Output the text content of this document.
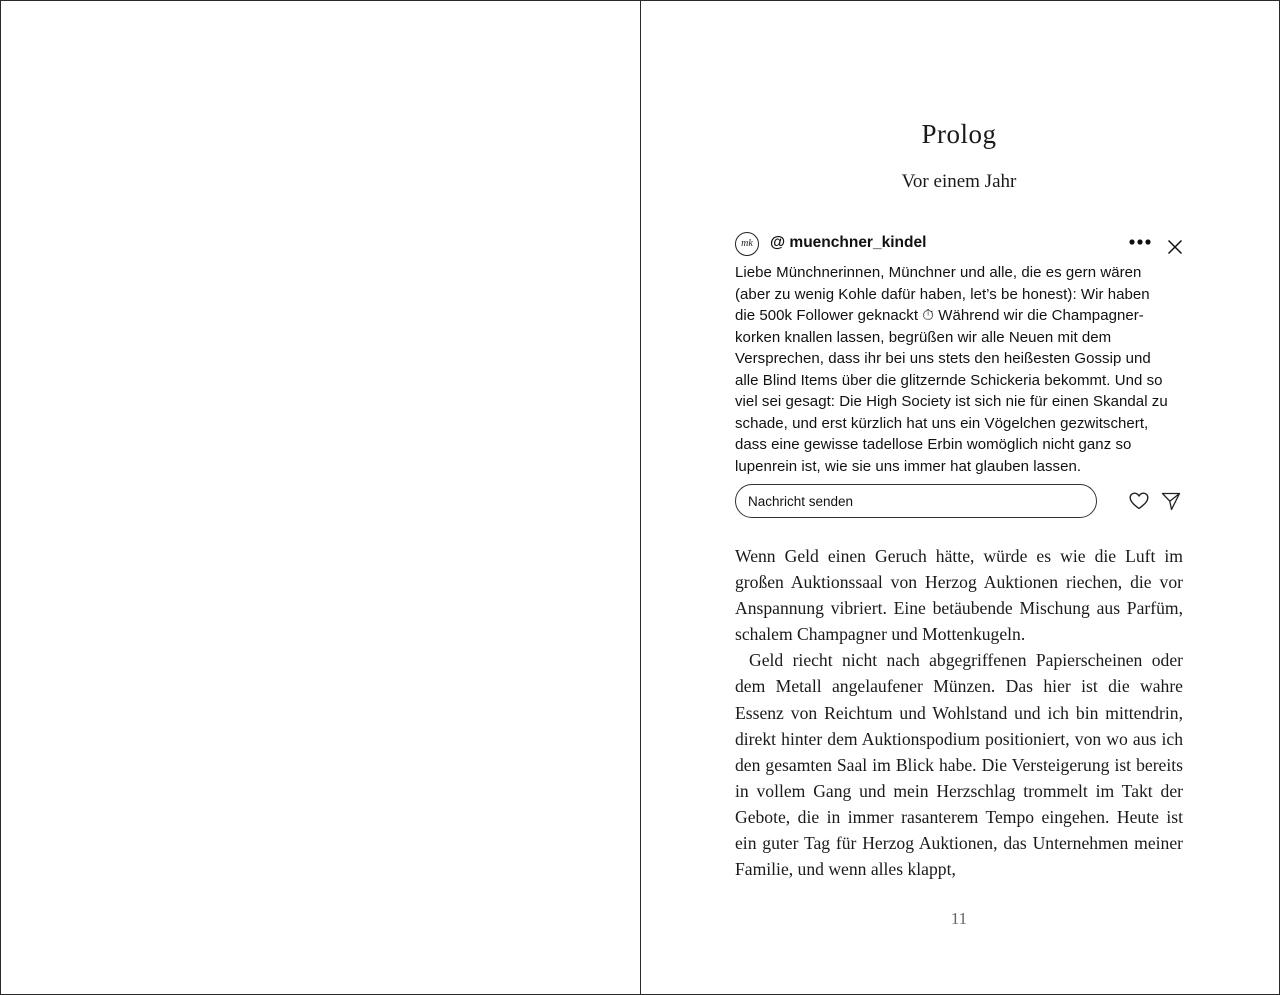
Prolog
Vor einem Jahr
mk	@ muenchner_kindel
Liebe Münchnerinnen, Münchner und alle, die es gern wären
(aber zu wenig Kohle dafür haben, let’s be honest): Wir haben
die 500k Follower geknackt ⏱ Während wir die Champagner-
korken knallen lassen, begrüßen wir alle Neuen mit dem
Versprechen, dass ihr bei uns stets den heißesten Gossip und
alle Blind Items über die glitzernde Schickeria bekommt. Und so
viel sei gesagt: Die High Society ist sich nie für einen Skandal zu
schade, und erst kürzlich hat uns ein Vögelchen gezwitschert,
dass eine gewisse tadellose Erbin womöglich nicht ganz so
lupenrein ist, wie sie uns immer hat glauben lassen.
Nachricht senden

Wenn Geld einen Geruch hätte, würde es wie die Luft im großen Auktionssaal von Herzog Auktionen riechen, die vor Anspannung vibriert. Eine betäubende Mischung aus Parfüm, schalem Champagner und Mottenkugeln.

Geld riecht nicht nach abgegriffenen Papierscheinen oder dem Metall angelaufener Münzen. Das hier ist die wahre Essenz von Reichtum und Wohlstand und ich bin mittendrin, direkt hinter dem Auktionspodium positioniert, von wo aus ich den gesamten Saal im Blick habe. Die Versteigerung ist bereits in vollem Gang und mein Herzschlag trommelt im Takt der Gebote, die in immer rasanterem Tempo eingehen. Heute ist ein guter Tag für Herzog Auktionen, das Unternehmen meiner Familie, und wenn alles klappt,

11
